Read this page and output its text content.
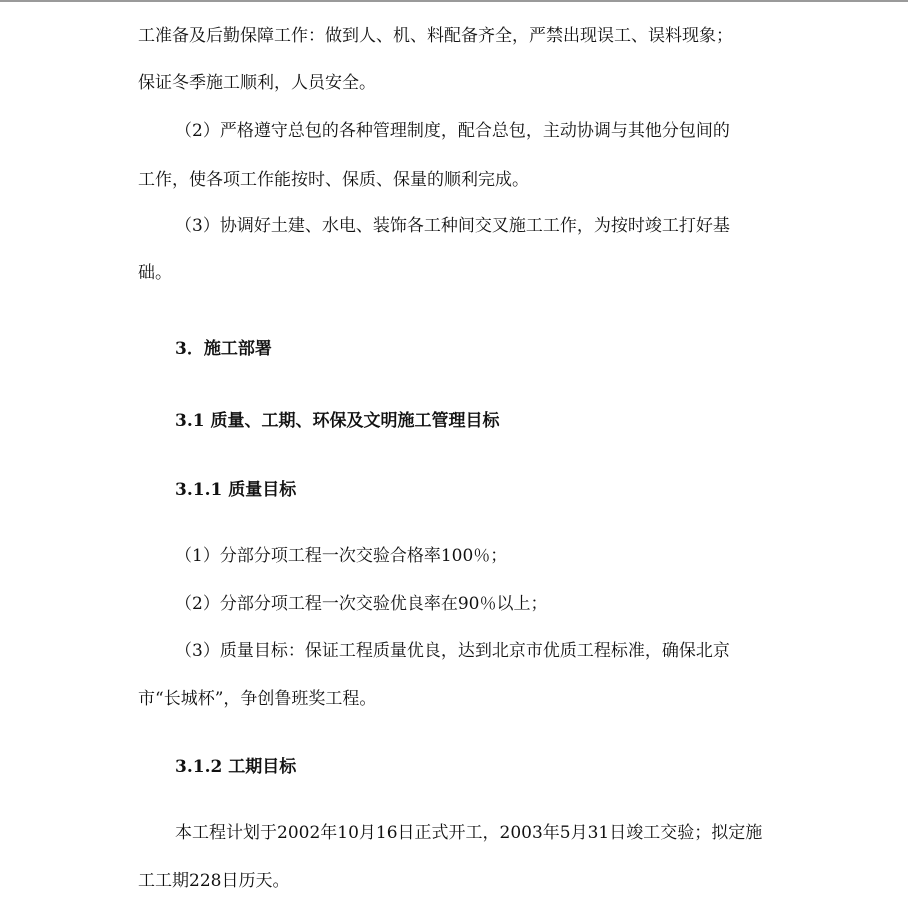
工准备及后勤保障工作：做到人、机、料配备齐全，严禁出现误工、误料现象；
保证冬季施工顺利，人员安全。
（2）严格遵守总包的各种管理制度，配合总包，主动协调与其他分包间的
工作，使各项工作能按时、保质、保量的顺利完成。
（3）协调好土建、水电、装饰各工种间交叉施工工作，为按时竣工打好基
础。
3．施工部署
3.1 质量、工期、环保及文明施工管理目标
3.1.1 质量目标
（1）分部分项工程一次交验合格率100％；
（2）分部分项工程一次交验优良率在90％以上；
（3）质量目标：保证工程质量优良，达到北京市优质工程标准，确保北京
市“长城杯”，争创鲁班奖工程。
3.1.2 工期目标
本工程计划于2002年10月16日正式开工，2003年5月31日竣工交验；拟定施
工工期228日历天。
